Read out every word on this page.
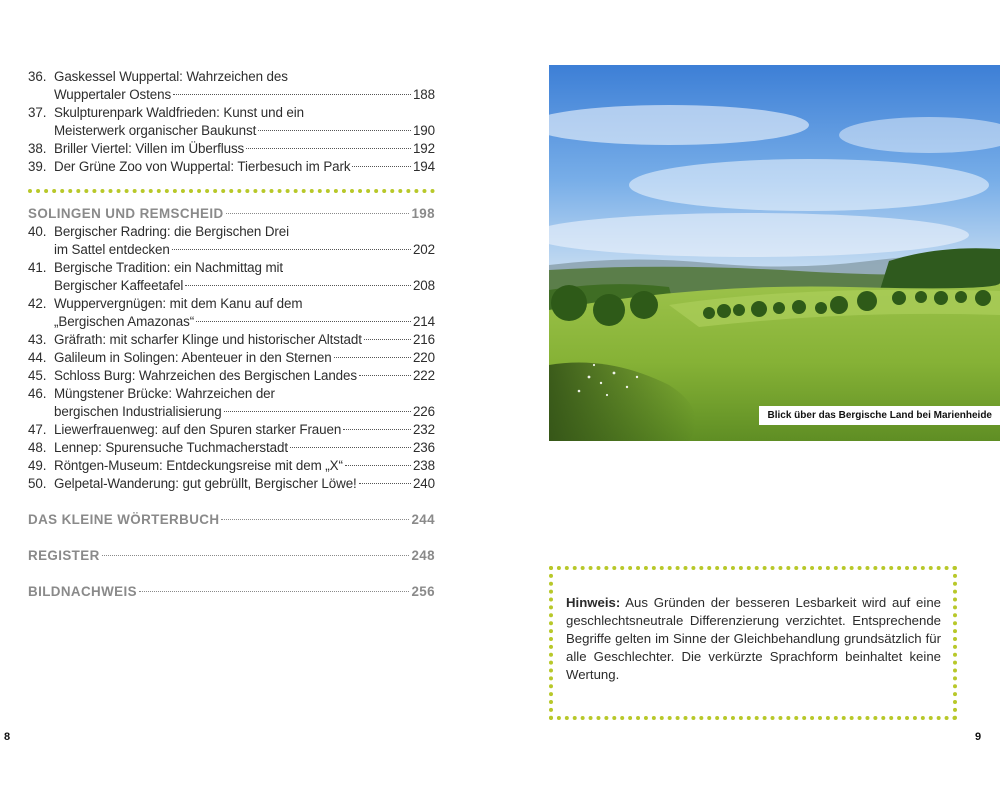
36. Gaskessel Wuppertal: Wahrzeichen des
Wuppertaler Ostens	188
37. Skulpturenpark Waldfrieden: Kunst und ein
Meisterwerk organischer Baukunst	190
38. Briller Viertel: Villen im Überfluss	192
39. Der Grüne Zoo von Wuppertal: Tierbesuch im Park	194
SOLINGEN UND REMSCHEID	198
40. Bergischer Radring: die Bergischen Drei
im Sattel entdecken	202
41. Bergische Tradition: ein Nachmittag mit
Bergischer Kaffeetafel	208
42. Wuppervergnügen: mit dem Kanu auf dem
„Bergischen Amazonas“	214
43. Gräfrath: mit scharfer Klinge und historischer Altstadt	216
44. Galileum in Solingen: Abenteuer in den Sternen	220
45. Schloss Burg: Wahrzeichen des Bergischen Landes	222
46. Müngstener Brücke: Wahrzeichen der
bergischen Industrialisierung	226
47. Liewerfrauenweg: auf den Spuren starker Frauen	232
48. Lennep: Spurensuche Tuchmacherstadt	236
49. Röntgen-Museum: Entdeckungsreise mit dem „X“	238
50. Gelpetal-Wanderung: gut gebrüllt, Bergischer Löwe!	240
DAS KLEINE WÖRTERBUCH	244
REGISTER	248
BILDNACHWEIS	256
Blick über das Bergische Land bei Marienheide

Hinweis: Aus Gründen der besseren Lesbarkeit wird auf eine geschlechtsneutrale Differenzierung verzichtet. Entsprechende Begriffe gelten im Sinne der Gleichbehandlung grundsätzlich für alle Geschlechter. Die verkürzte Sprachform beinhaltet keine Wertung.

8	9
